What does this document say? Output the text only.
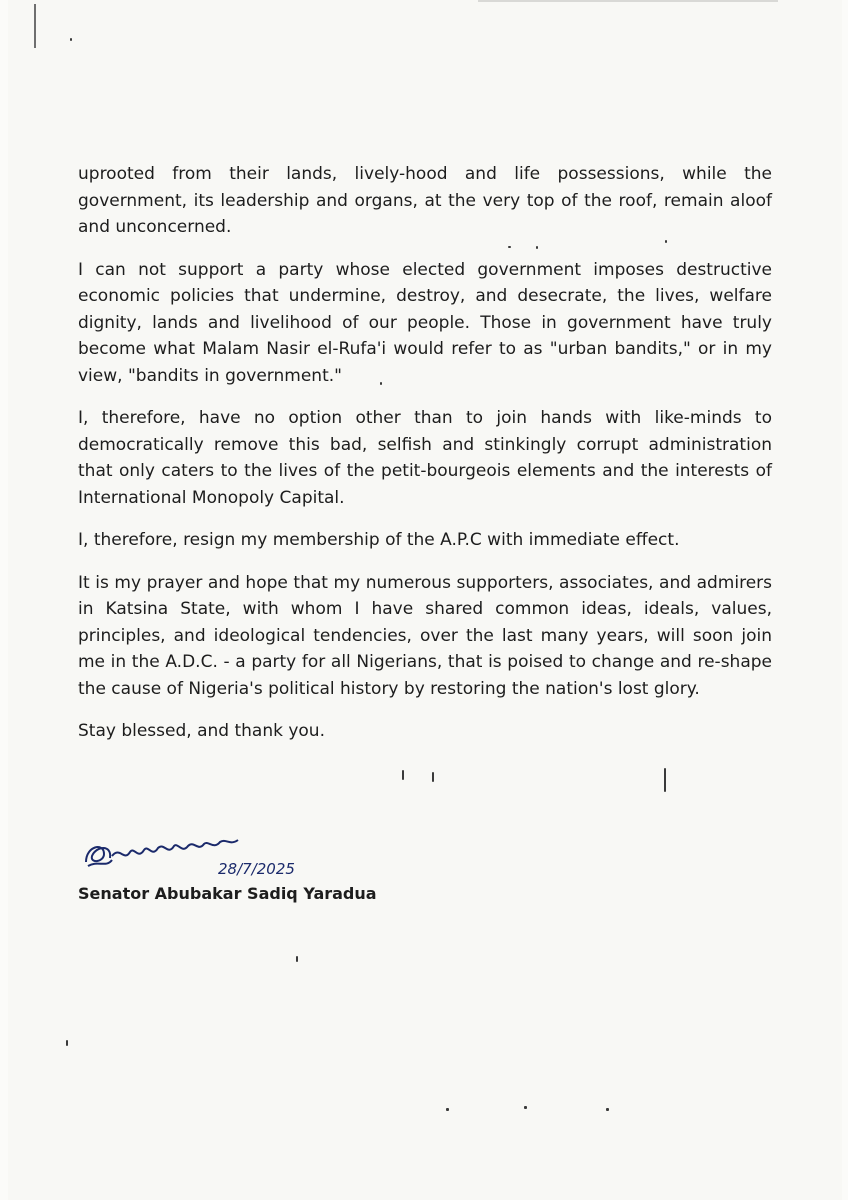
uprooted from their lands, lively-hood and life possessions, while the government, its leadership and organs, at the very top of the roof, remain aloof and unconcerned.

I can not support a party whose elected government imposes destructive economic policies that undermine, destroy, and desecrate, the lives, welfare dignity, lands and livelihood of our people. Those in government have truly become what Malam Nasir el-Rufa'i would refer to as "urban bandits," or in my view, "bandits in government."

I, therefore, have no option other than to join hands with like-minds to democratically remove this bad, selfish and stinkingly corrupt administration that only caters to the lives of the petit-bourgeois elements and the interests of International Monopoly Capital.

I, therefore, resign my membership of the A.P.C with immediate effect.

It is my prayer and hope that my numerous supporters, associates, and admirers in Katsina State, with whom I have shared common ideas, ideals, values, principles, and ideological tendencies, over the last many years, will soon join me in the A.D.C. - a party for all Nigerians, that is poised to change and re-shape the cause of Nigeria's political history by restoring the nation's lost glory.

Stay blessed, and thank you.

28/7/2025
Senator Abubakar Sadiq Yaradua
